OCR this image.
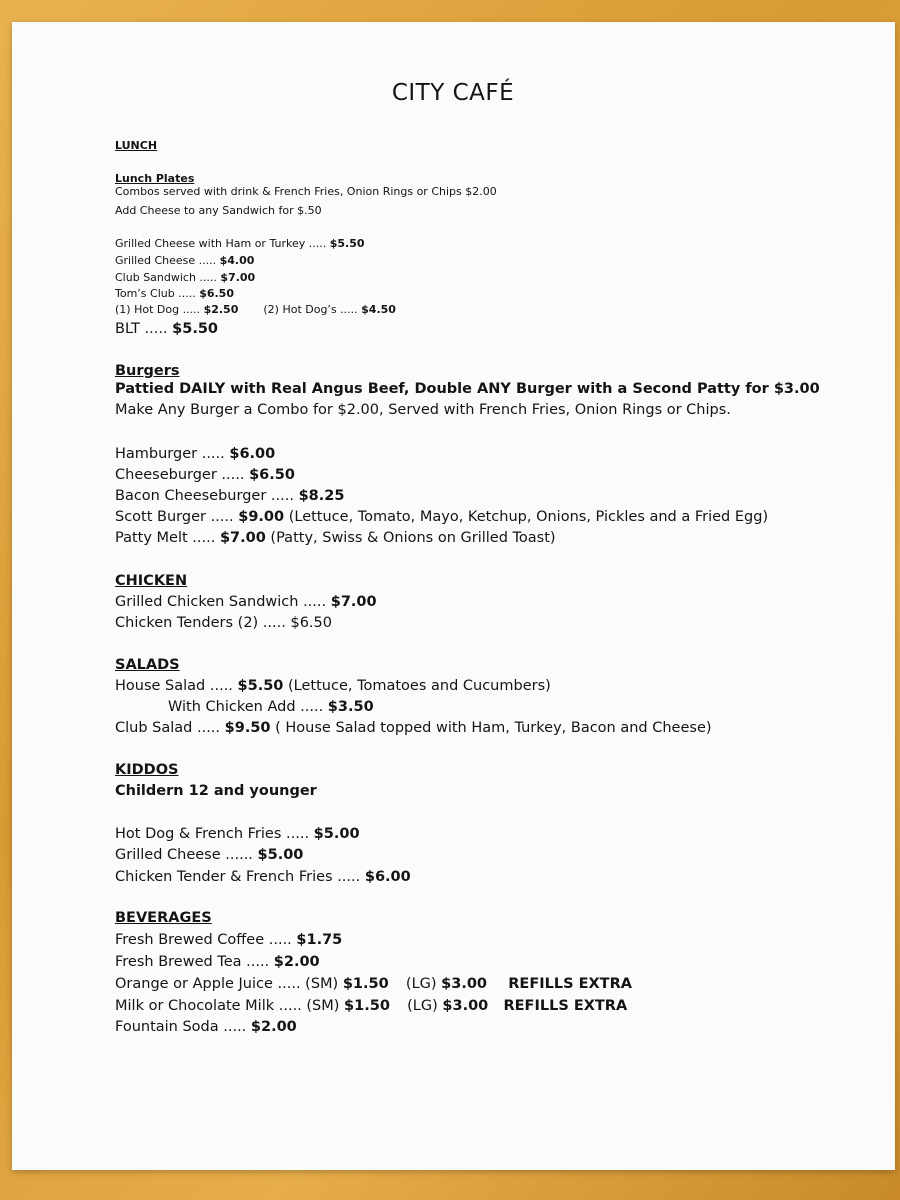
CITY CAFÉ
LUNCH
Lunch Plates
Combos served with drink & French Fries, Onion Rings or Chips $2.00
Add Cheese to any Sandwich for $.50
Grilled Cheese with Ham or Turkey ..... $5.50
Grilled Cheese ..... $4.00
Club Sandwich ..... $7.00
Tom’s Club ..... $6.50
(1) Hot Dog ..... $2.50 (2) Hot Dog’s ..... $4.50
BLT ..... $5.50
Burgers
Pattied DAILY with Real Angus Beef, Double ANY Burger with a Second Patty for $3.00
Make Any Burger a Combo for $2.00, Served with French Fries, Onion Rings or Chips.
Hamburger ..... $6.00
Cheeseburger ..... $6.50
Bacon Cheeseburger ..... $8.25
Scott Burger ..... $9.00 (Lettuce, Tomato, Mayo, Ketchup, Onions, Pickles and a Fried Egg)
Patty Melt ..... $7.00 (Patty, Swiss & Onions on Grilled Toast)
CHICKEN
Grilled Chicken Sandwich ..... $7.00
Chicken Tenders (2) ..... $6.50
SALADS
House Salad ..... $5.50 (Lettuce, Tomatoes and Cucumbers)
With Chicken Add ..... $3.50
Club Salad ..... $9.50 ( House Salad topped with Ham, Turkey, Bacon and Cheese)
KIDDOS
Childern 12 and younger
Hot Dog & French Fries ..... $5.00
Grilled Cheese ...... $5.00
Chicken Tender & French Fries ..... $6.00
BEVERAGES
Fresh Brewed Coffee ..... $1.75
Fresh Brewed Tea ..... $2.00
Orange or Apple Juice ..... (SM) $1.50 (LG) $3.00 REFILLS EXTRA
Milk or Chocolate Milk ..... (SM) $1.50 (LG) $3.00 REFILLS EXTRA
Fountain Soda ..... $2.00
